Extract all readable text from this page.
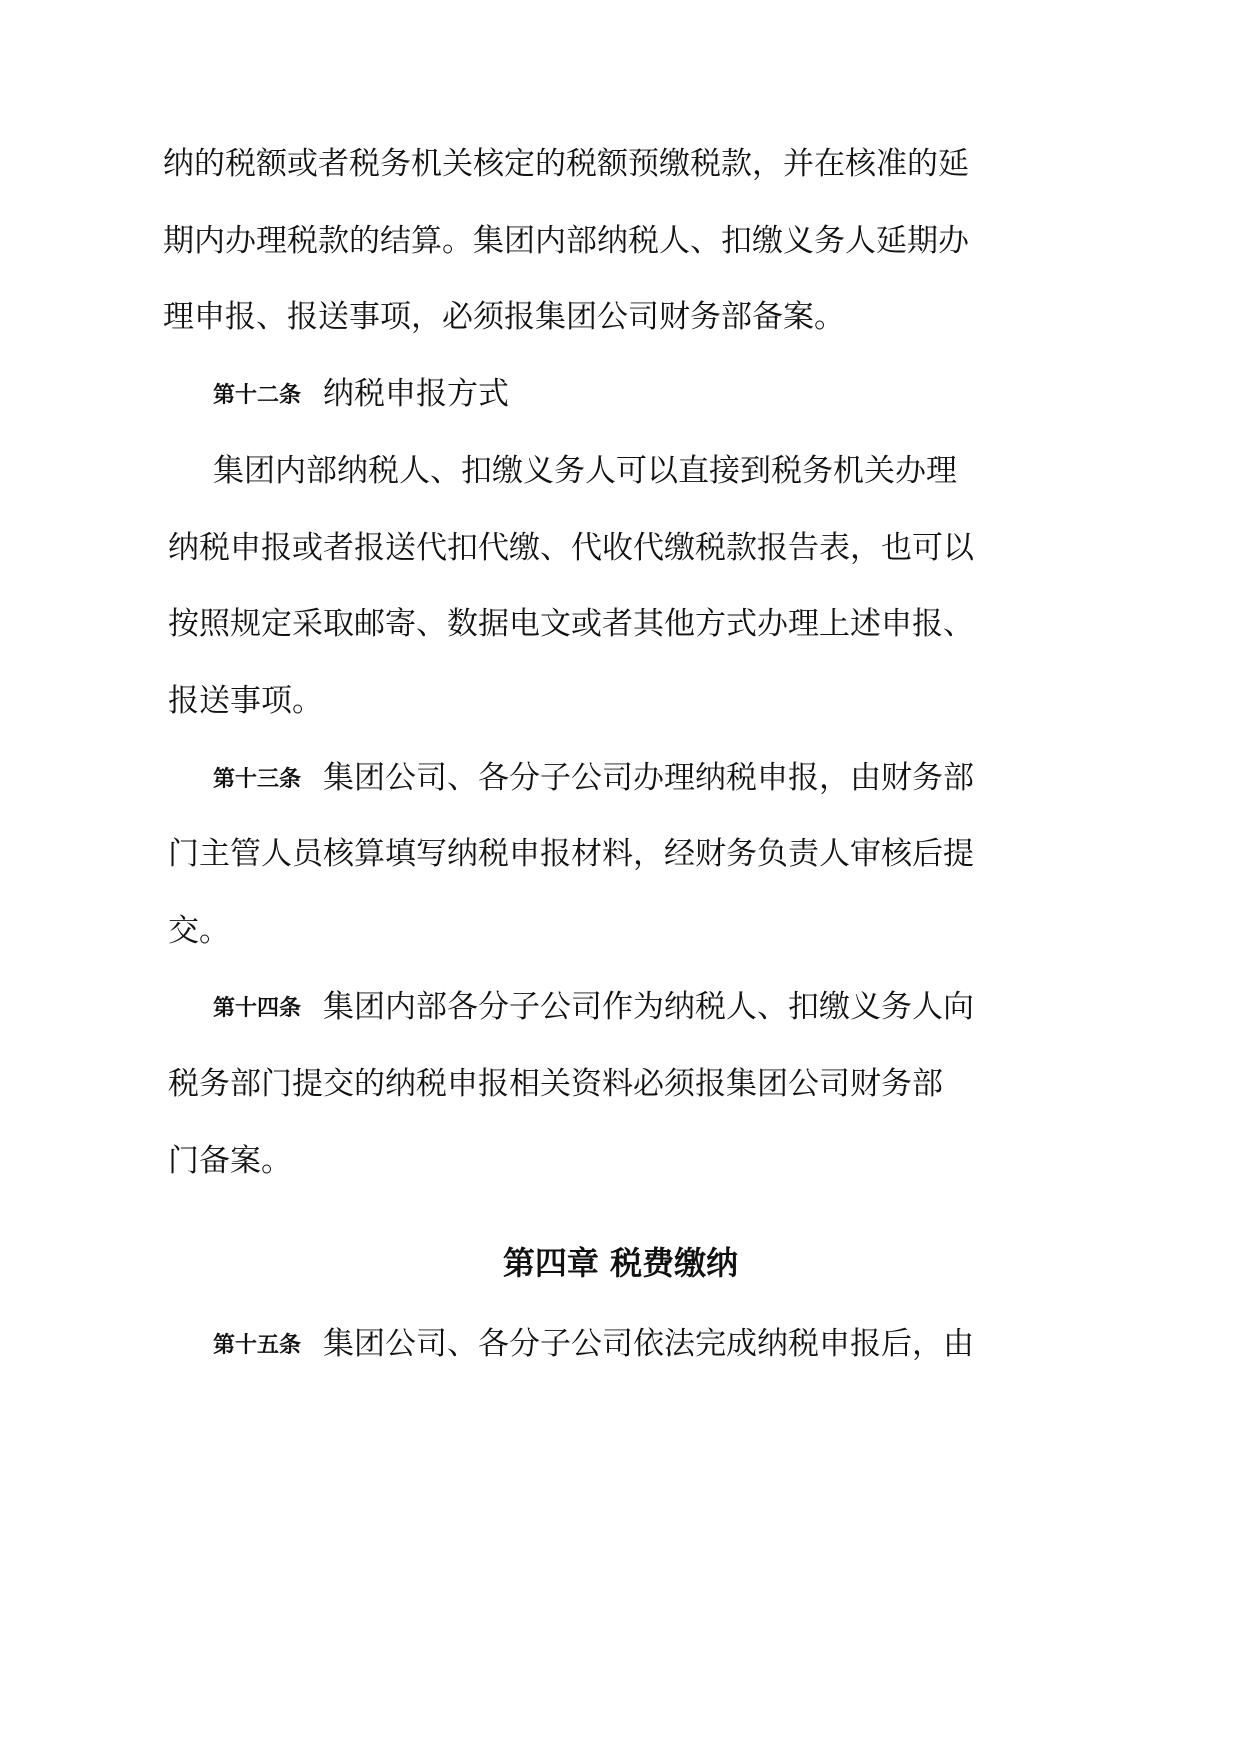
纳的税额或者税务机关核定的税额预缴税款，并在核准的延
期内办理税款的结算。集团内部纳税人、扣缴义务人延期办
理申报、报送事项，必须报集团公司财务部备案。
第十二条 纳税申报方式
集团内部纳税人、扣缴义务人可以直接到税务机关办理
纳税申报或者报送代扣代缴、代收代缴税款报告表，也可以
按照规定采取邮寄、数据电文或者其他方式办理上述申报、
报送事项。
第十三条 集团公司、各分子公司办理纳税申报，由财务部
门主管人员核算填写纳税申报材料，经财务负责人审核后提
交。
第十四条 集团内部各分子公司作为纳税人、扣缴义务人向
税务部门提交的纳税申报相关资料必须报集团公司财务部
门备案。
第四章 税费缴纳
第十五条 集团公司、各分子公司依法完成纳税申报后，由
